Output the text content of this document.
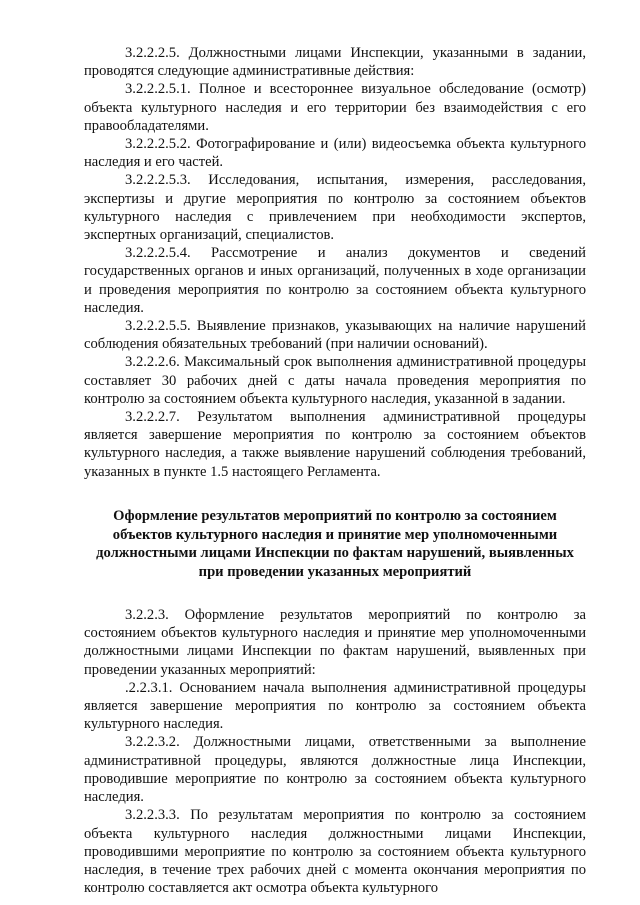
3.2.2.2.5. Должностными лицами Инспекции, указанными в задании, проводятся следующие административные действия:

3.2.2.2.5.1. Полное и всестороннее визуальное обследование (осмотр) объекта культурного наследия и его территории без взаимодействия с его правообладателями.

3.2.2.2.5.2. Фотографирование и (или) видеосъемка объекта культурного наследия и его частей.

3.2.2.2.5.3. Исследования, испытания, измерения, расследования, экспертизы и другие мероприятия по контролю за состоянием объектов культурного наследия с привлечением при необходимости экспертов, экспертных организаций, специалистов.

3.2.2.2.5.4. Рассмотрение и анализ документов и сведений государственных органов и иных организаций, полученных в ходе организации и проведения мероприятия по контролю за состоянием объекта культурного наследия.

3.2.2.2.5.5. Выявление признаков, указывающих на наличие нарушений соблюдения обязательных требований (при наличии оснований).

3.2.2.2.6. Максимальный срок выполнения административной процедуры составляет 30 рабочих дней с даты начала проведения мероприятия по контролю за состоянием объекта культурного наследия, указанной в задании.

3.2.2.2.7. Результатом выполнения административной процедуры является завершение мероприятия по контролю за состоянием объектов культурного наследия, а также выявление нарушений соблюдения требований, указанных в пункте 1.5 настоящего Регламента.

Оформление результатов мероприятий по контролю за состоянием объектов культурного наследия и принятие мер уполномоченными должностными лицами Инспекции по фактам нарушений, выявленных при проведении указанных мероприятий

3.2.2.3. Оформление результатов мероприятий по контролю за состоянием объектов культурного наследия и принятие мер уполномоченными должностными лицами Инспекции по фактам нарушений, выявленных при проведении указанных мероприятий:

.2.2.3.1. Основанием начала выполнения административной процедуры является завершение мероприятия по контролю за состоянием объекта культурного наследия.

3.2.2.3.2. Должностными лицами, ответственными за выполнение административной процедуры, являются должностные лица Инспекции, проводившие мероприятие по контролю за состоянием объекта культурного наследия.

3.2.2.3.3. По результатам мероприятия по контролю за состоянием объекта культурного наследия должностными лицами Инспекции, проводившими мероприятие по контролю за состоянием объекта культурного наследия, в течение трех рабочих дней с момента окончания мероприятия по контролю составляется акт осмотра объекта культурного
